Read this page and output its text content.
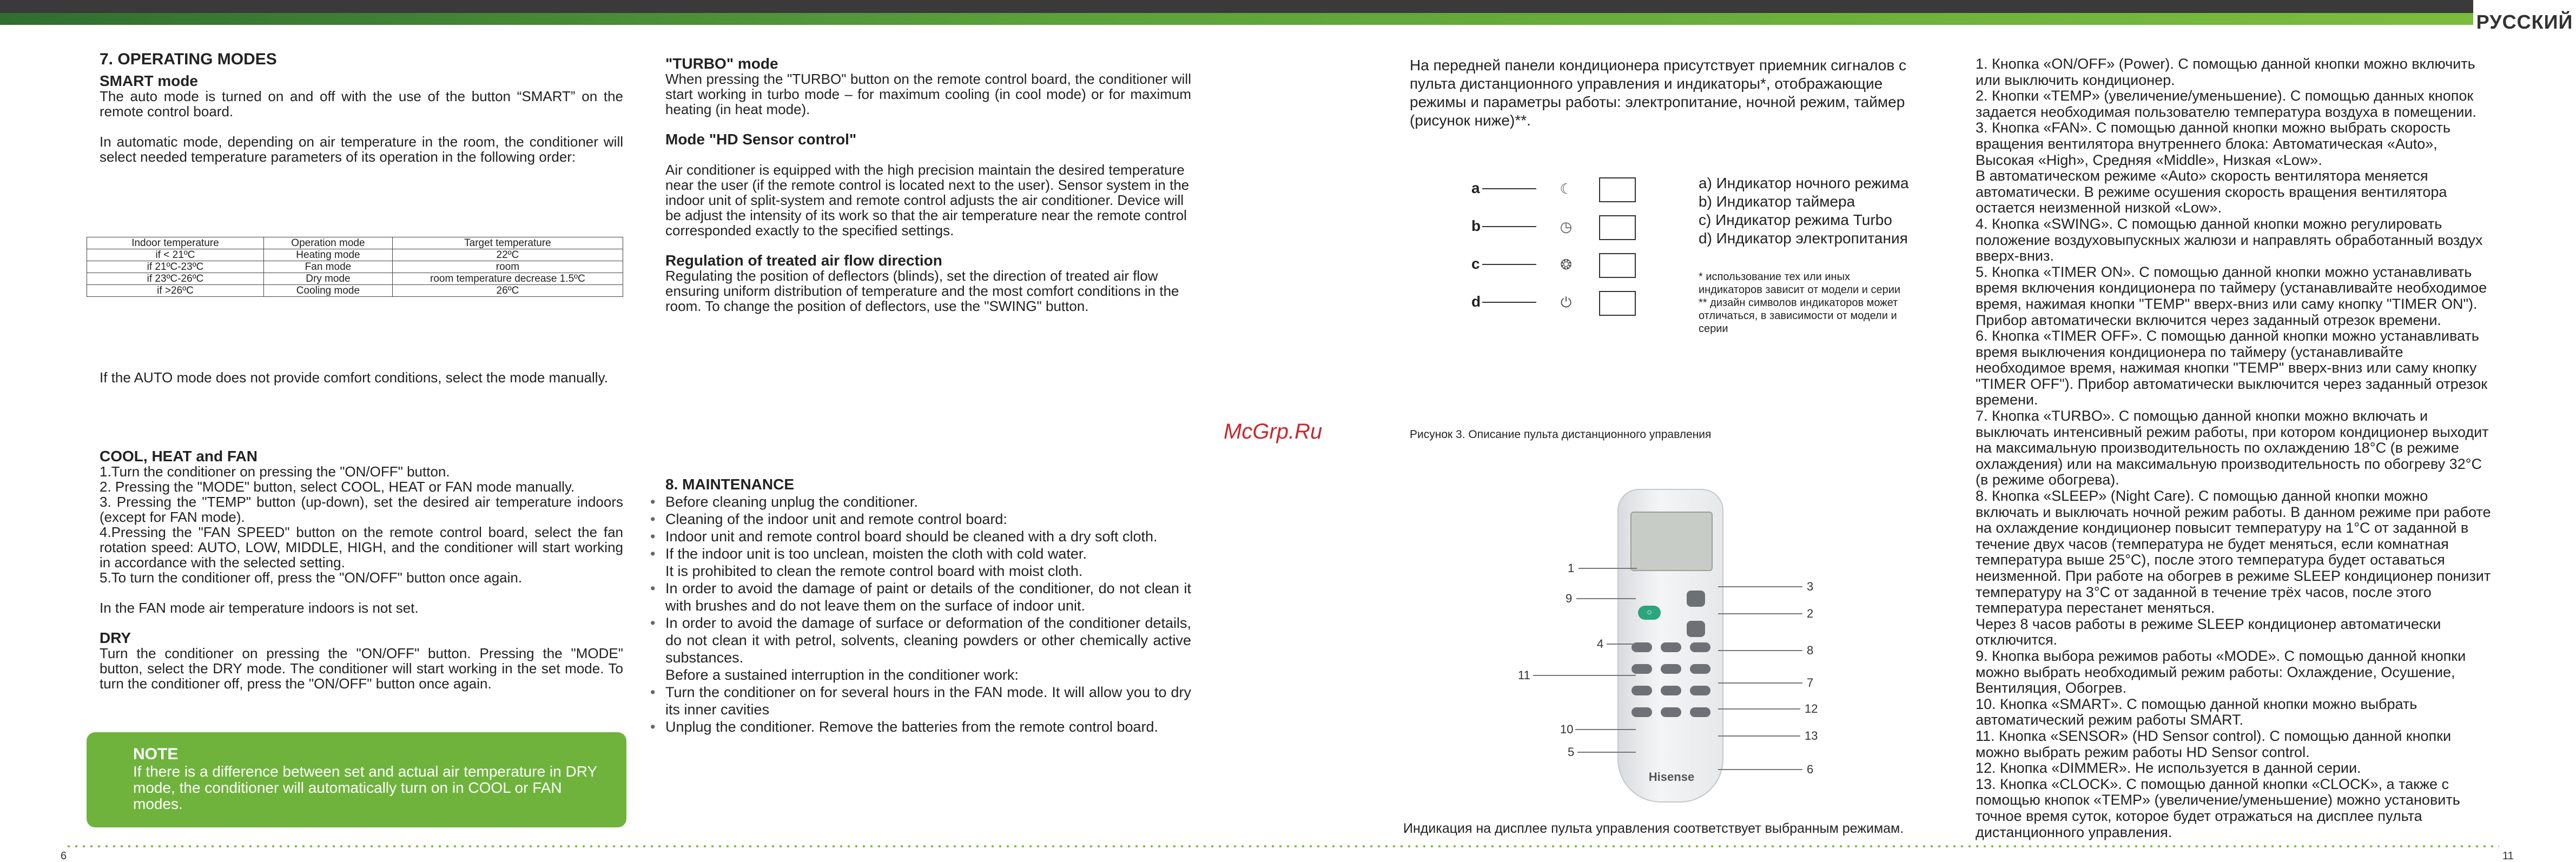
РУССКИЙ
7. OPERATING MODES
SMART mode

The auto mode is turned on and off with the use of the button “SMART” on the remote control board.

In automatic mode, depending on air temperature in the room, the conditioner will select needed temperature parameters of its operation in the following order:

Indoor temperature	Operation mode	Target temperature
if < 21ºC	Heating mode	22ºC
if 21ºC-23ºC	Fan mode	room
if 23ºC-26ºC	Dry mode	room temperature decrease 1.5ºC
if >26ºC	Cooling mode	26ºC

If the AUTO mode does not provide comfort conditions, select the mode manually.

COOL, HEAT and FAN

1.Turn the conditioner on pressing the "ON/OFF" button.

2. Pressing the "MODE" button, select COOL, HEAT or FAN mode manually.

3. Pressing the "TEMP" button (up-down), set the desired air temperature indoors (except for FAN mode).

4.Pressing the "FAN SPEED" button on the remote control board, select the fan rotation speed: AUTO, LOW, MIDDLE, HIGH, and the conditioner will start working in accordance with the selected setting.

5.To turn the conditioner off, press the "ON/OFF" button once again.

In the FAN mode air temperature indoors is not set.

DRY

Turn the conditioner on pressing the "ON/OFF" button. Pressing the "MODE" button, select the DRY mode. The conditioner will start working in the set mode. To turn the conditioner off, press the "ON/OFF" button once again.

NOTE

If there is a difference between set and actual air temperature in DRY mode, the conditioner will automatically turn on in COOL or FAN modes.

"TURBO" mode

When pressing the "TURBO" button on the remote control board, the conditioner will start working in turbo mode – for maximum cooling (in cool mode) or for maximum heating (in heat mode).

Mode "HD Sensor control"

Air conditioner is equipped with the high precision maintain the desired temperature near the user (if the remote control is located next to the user). Sensor system in the indoor unit of split-system and remote control adjusts the air conditioner. Device will be adjust the intensity of its work so that the air temperature near the remote control corresponded exactly to the specified settings.

Regulation of treated air flow direction

Regulating the position of deflectors (blinds), set the direction of treated air flow ensuring uniform distribution of temperature and the most comfort conditions in the room. To change the position of deflectors, use the "SWING" button.

8. MAINTENANCE
• Before cleaning unplug the conditioner.
• Cleaning of the indoor unit and remote control board:
• Indoor unit and remote control board should be cleaned with a dry soft cloth.
• If the indoor unit is too unclean, moisten the cloth with cold water.
It is prohibited to clean the remote control board with moist cloth.
• In order to avoid the damage of paint or details of the conditioner, do not clean it with brushes and do not leave them on the surface of indoor unit.
• In order to avoid the damage of surface or deformation of the conditioner details, do not clean it with petrol, solvents, cleaning powders or other chemically active substances.
Before a sustained interruption in the conditioner work:
• Turn the conditioner on for several hours in the FAN mode. It will allow you to dry its inner cavities
• Unplug the conditioner. Remove the batteries from the remote control board.
McGrp.Ru

На передней панели кондиционера присутствует приемник сигналов с пульта дистанционного управления и индикаторы*, отображающие режимы и параметры работы: электропитание, ночной режим, таймер (рисунок ниже)**.

a	☾
b	◷
c	❂
d	⏻

a) Индикатор ночного режима

b) Индикатор таймера

c) Индикатор режима Turbo

d) Индикатор электропитания

* использование тех или иных индикаторов зависит от модели и серии

** дизайн символов индикаторов может отличаться, в зависимости от модели и серии

Рисунок 3. Описание пульта дистанционного управления
○
Hisense
1
9
4
11
10
5
3
2
8
7
12
13
6
Индикация на дисплее пульта управления соответствует выбранным режимам.

1. Кнопка «ON/OFF» (Power). С помощью данной кнопки можно включить или выключить кондиционер.

2. Кнопки «TEMP» (увеличение/уменьшение). С помощью данных кнопок задается необходимая пользователю температура воздуха в помещении.

3. Кнопка «FAN». С помощью данной кнопки можно выбрать скорость вращения вентилятора внутреннего блока: Автоматическая «Auto», Высокая «High», Средняя «Middle», Низкая «Low».

В автоматическом режиме «Auto» скорость вентилятора меняется автоматически. В режиме осушения скорость вращения вентилятора остается неизменной низкой «Low».

4. Кнопка «SWING». С помощью данной кнопки можно регулировать положение воздуховыпускных жалюзи и направлять обработанный воздух вверх-вниз.

5. Кнопка «TIMER ON». С помощью данной кнопки можно устанавливать время включения кондиционера по таймеру (устанавливайте необходимое время, нажимая кнопки "TEMP" вверх-вниз или саму кнопку "TIMER ON"). Прибор автоматически включится через заданный отрезок времени.

6. Кнопка «TIMER OFF». С помощью данной кнопки можно устанавливать время выключения кондиционера по таймеру (устанавливайте необходимое время, нажимая кнопки "TEMP" вверх-вниз или саму кнопку "TIMER OFF"). Прибор автоматически выключится через заданный отрезок времени.

7. Кнопка «TURBO». С помощью данной кнопки можно включать и выключать интенсивный режим работы, при котором кондиционер выходит на максимальную производительность по охлаждению 18°С (в режиме охлаждения) или на максимальную производительность по обогреву 32°С (в режиме обогрева).

8. Кнопка «SLEEP» (Night Care). С помощью данной кнопки можно включать и выключать ночной режим работы. В данном режиме при работе на охлаждение кондиционер повысит температуру на 1°С от заданной в течение двух часов (температура не будет меняться, если комнатная температура выше 25°С), после этого температура будет оставаться неизменной. При работе на обогрев в режиме SLEEP кондиционер понизит температуру на 3°С от заданной в течение трёх часов, после этого температура перестанет меняться.

Через 8 часов работы в режиме SLEEP кондиционер автоматически отключится.

9. Кнопка выбора режимов работы «MODE». С помощью данной кнопки можно выбрать необходимый режим работы: Охлаждение, Осушение, Вентиляция, Обогрев.

10. Кнопка «SMART». С помощью данной кнопки можно выбрать автоматический режим работы SMART.

11. Кнопка «SENSOR» (HD Sensor control). С помощью данной кнопки можно выбрать режим работы HD Sensor control.

12. Кнопка «DIMMER». Не используется в данной серии.

13. Кнопка «CLOCK». С помощью данной кнопки «CLOCK», а также с помощью кнопок «TEMP» (увеличение/уменьшение) можно установить точное время суток, которое будет отражаться на дисплее пульта дистанционного управления.

6	11
